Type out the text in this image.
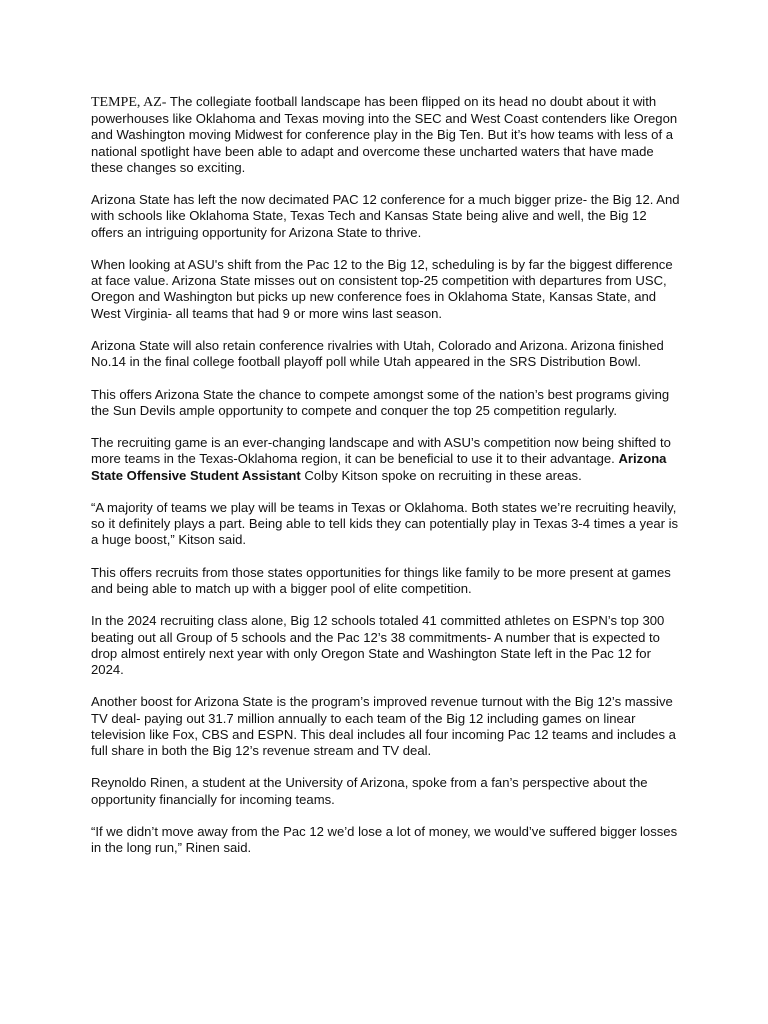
TEMPE, AZ- The collegiate football landscape has been flipped on its head no doubt about it with powerhouses like Oklahoma and Texas moving into the SEC and West Coast contenders like Oregon and Washington moving Midwest for conference play in the Big Ten. But it’s how teams with less of a national spotlight have been able to adapt and overcome these uncharted waters that have made these changes so exciting.

Arizona State has left the now decimated PAC 12 conference for a much bigger prize- the Big 12. And with schools like Oklahoma State, Texas Tech and Kansas State being alive and well, the Big 12 offers an intriguing opportunity for Arizona State to thrive.

When looking at ASU's shift from the Pac 12 to the Big 12, scheduling is by far the biggest difference at face value. Arizona State misses out on consistent top-25 competition with departures from USC, Oregon and Washington but picks up new conference foes in Oklahoma State, Kansas State, and West Virginia- all teams that had 9 or more wins last season.

Arizona State will also retain conference rivalries with Utah, Colorado and Arizona. Arizona finished No.14 in the final college football playoff poll while Utah appeared in the SRS Distribution Bowl.

This offers Arizona State the chance to compete amongst some of the nation’s best programs giving the Sun Devils ample opportunity to compete and conquer the top 25 competition regularly.

The recruiting game is an ever-changing landscape and with ASU’s competition now being shifted to more teams in the Texas-Oklahoma region, it can be beneficial to use it to their advantage. Arizona State Offensive Student Assistant Colby Kitson spoke on recruiting in these areas.

“A majority of teams we play will be teams in Texas or Oklahoma. Both states we’re recruiting heavily, so it definitely plays a part. Being able to tell kids they can potentially play in Texas 3-4 times a year is a huge boost,” Kitson said.

This offers recruits from those states opportunities for things like family to be more present at games and being able to match up with a bigger pool of elite competition.

In the 2024 recruiting class alone, Big 12 schools totaled 41 committed athletes on ESPN’s top 300 beating out all Group of 5 schools and the Pac 12’s 38 commitments- A number that is expected to drop almost entirely next year with only Oregon State and Washington State left in the Pac 12 for 2024.

Another boost for Arizona State is the program’s improved revenue turnout with the Big 12’s massive TV deal- paying out 31.7 million annually to each team of the Big 12 including games on linear television like Fox, CBS and ESPN. This deal includes all four incoming Pac 12 teams and includes a full share in both the Big 12’s revenue stream and TV deal.

Reynoldo Rinen, a student at the University of Arizona, spoke from a fan’s perspective about the opportunity financially for incoming teams.

“If we didn’t move away from the Pac 12 we’d lose a lot of money, we would’ve suffered bigger losses in the long run,” Rinen said.
